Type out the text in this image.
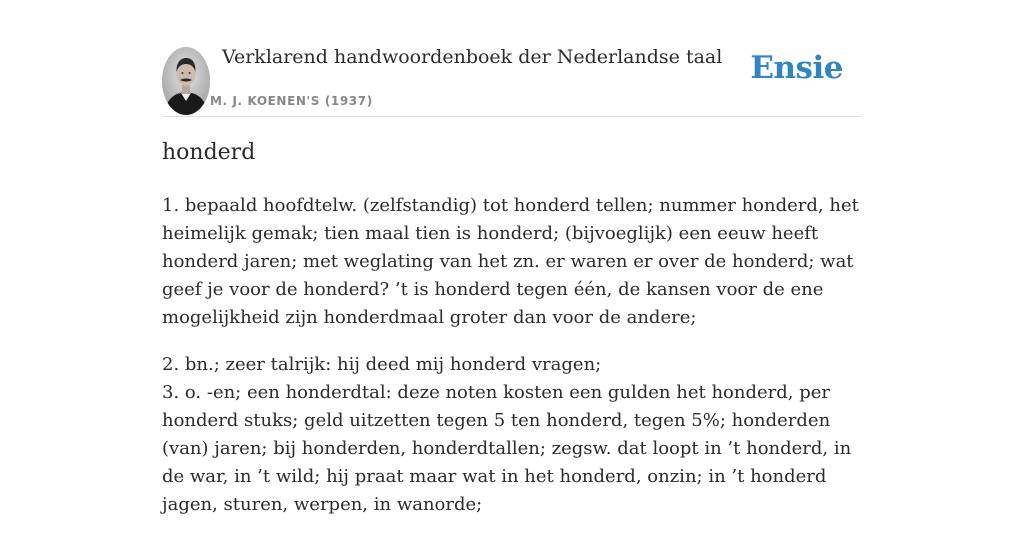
Verklarend handwoordenboek der Nederlandse taal
M. J. KOENEN'S (1937)
Ensie
honderd

1. bepaald hoofdtelw. (zelfstandig) tot honderd tellen; nummer honderd, het heimelijk gemak; tien maal tien is honderd; (bijvoeglijk) een eeuw heeft honderd jaren; met weglating van het zn. er waren er over de honderd; wat geef je voor de honderd? ’t is honderd tegen één, de kansen voor de ene mogelijkheid zijn honderdmaal groter dan voor de andere;

2. bn.; zeer talrijk: hij deed mij honderd vragen;
3. o. -en; een honderdtal: deze noten kosten een gulden het honderd, per honderd stuks; geld uitzetten tegen 5 ten honderd, tegen 5%; honderden (van) jaren; bij honderden, honderdtallen; zegsw. dat loopt in ’t honderd, in de war, in ’t wild; hij praat maar wat in het honderd, onzin; in ’t honderd jagen, sturen, werpen, in wanorde;
